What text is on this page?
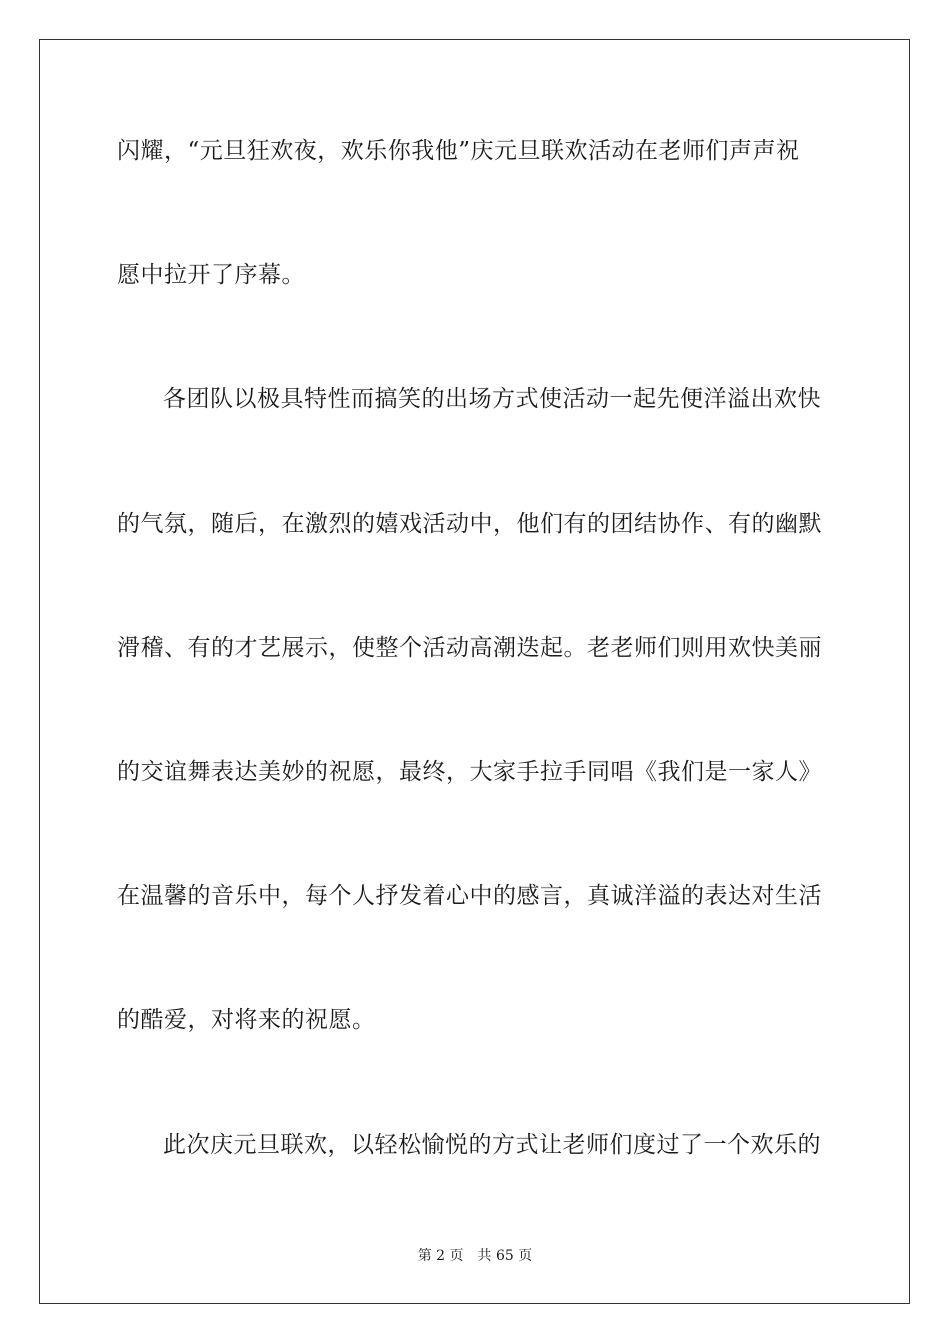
闪耀，“元旦狂欢夜，欢乐你我他”庆元旦联欢活动在老师们声声祝

愿中拉开了序幕。

各团队以极具特性而搞笑的出场方式使活动一起先便洋溢出欢快

的气氛，随后，在激烈的嬉戏活动中，他们有的团结协作、有的幽默

滑稽、有的才艺展示，使整个活动高潮迭起。老老师们则用欢快美丽

的交谊舞表达美妙的祝愿，最终，大家手拉手同唱《我们是一家人》

在温馨的音乐中，每个人抒发着心中的感言，真诚洋溢的表达对生活

的酷爱，对将来的祝愿。

此次庆元旦联欢，以轻松愉悦的方式让老师们度过了一个欢乐的

第 2 页 共 65 页
